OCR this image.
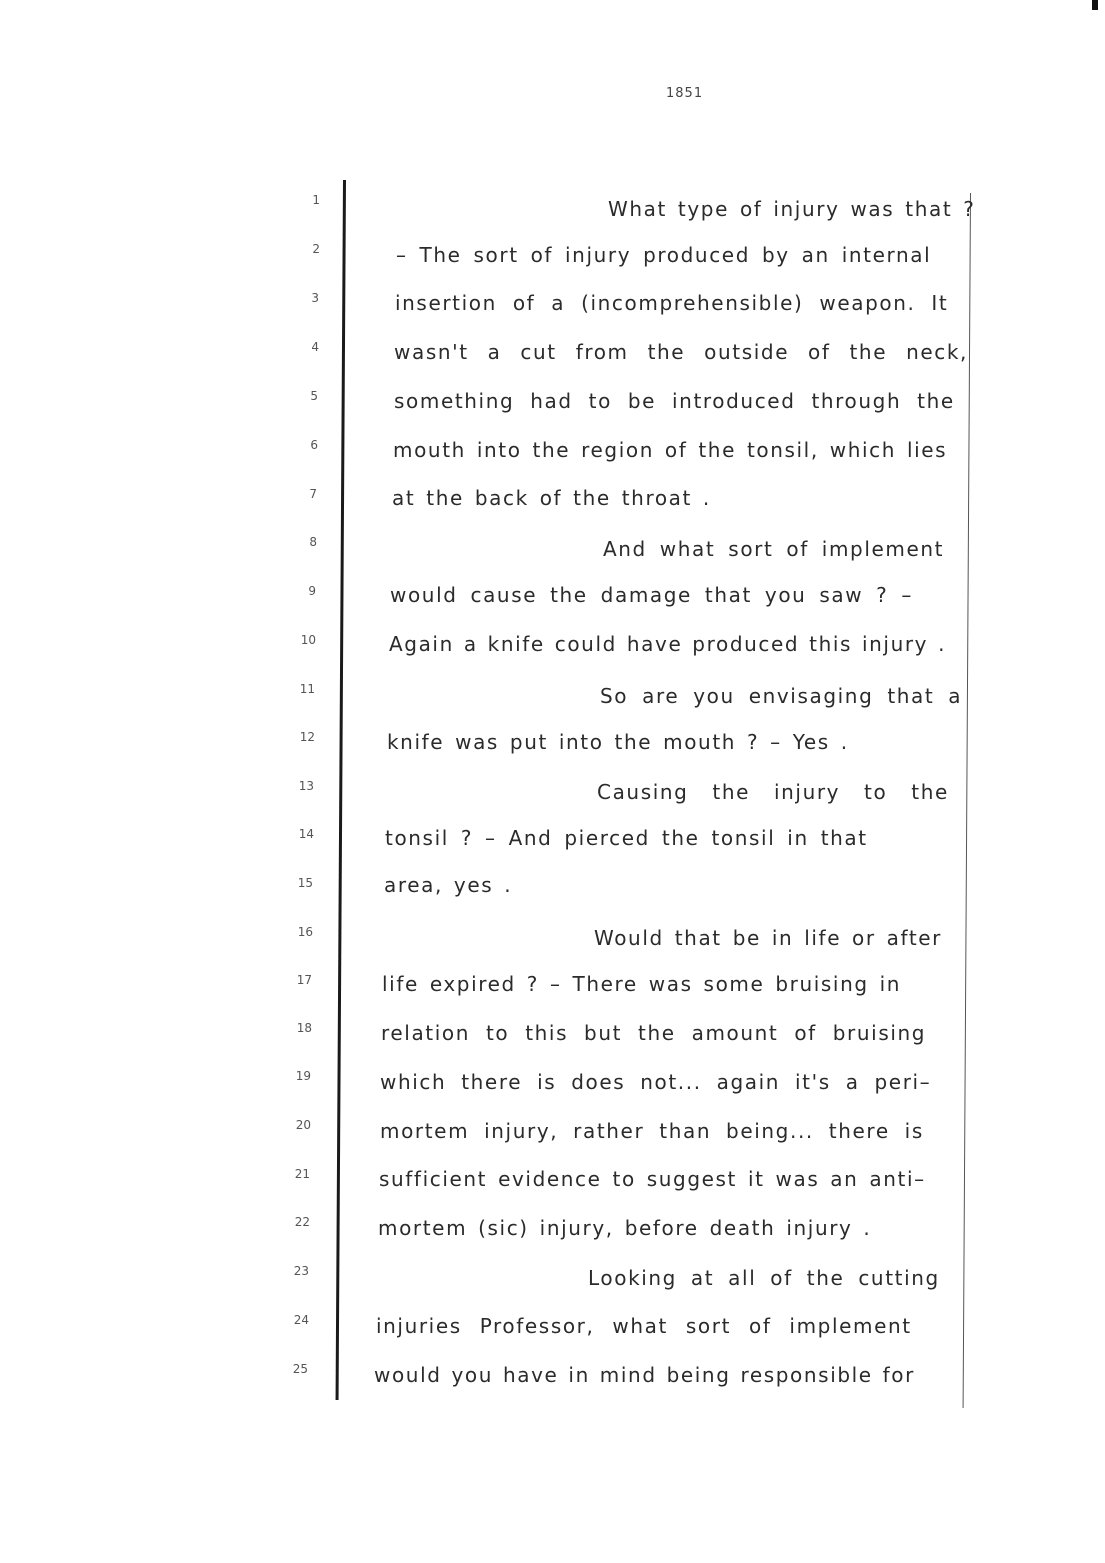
1851
1
2
3
4
5
6
7
8
9
10
11
12
13
14
15
16
17
18
19
20
21
22
23
24
25
What type of injury was that ?
– The sort of injury produced by an internal
insertion of a (incomprehensible) weapon. It
wasn't a cut from the outside of the neck,
something had to be introduced through the
mouth into the region of the tonsil, which lies
at the back of the throat .
And what sort of implement
would cause the damage that you saw ? –
Again a knife could have produced this injury .
So are you envisaging that a
knife was put into the mouth ? – Yes .
Causing the injury to the
tonsil ? – And pierced the tonsil in that
area, yes .
Would that be in life or after
life expired ? – There was some bruising in
relation to this but the amount of bruising
which there is does not... again it's a peri–
mortem injury, rather than being... there is
sufficient evidence to suggest it was an anti–
mortem (sic) injury, before death injury .
Looking at all of the cutting
injuries Professor, what sort of implement
would you have in mind being responsible for
